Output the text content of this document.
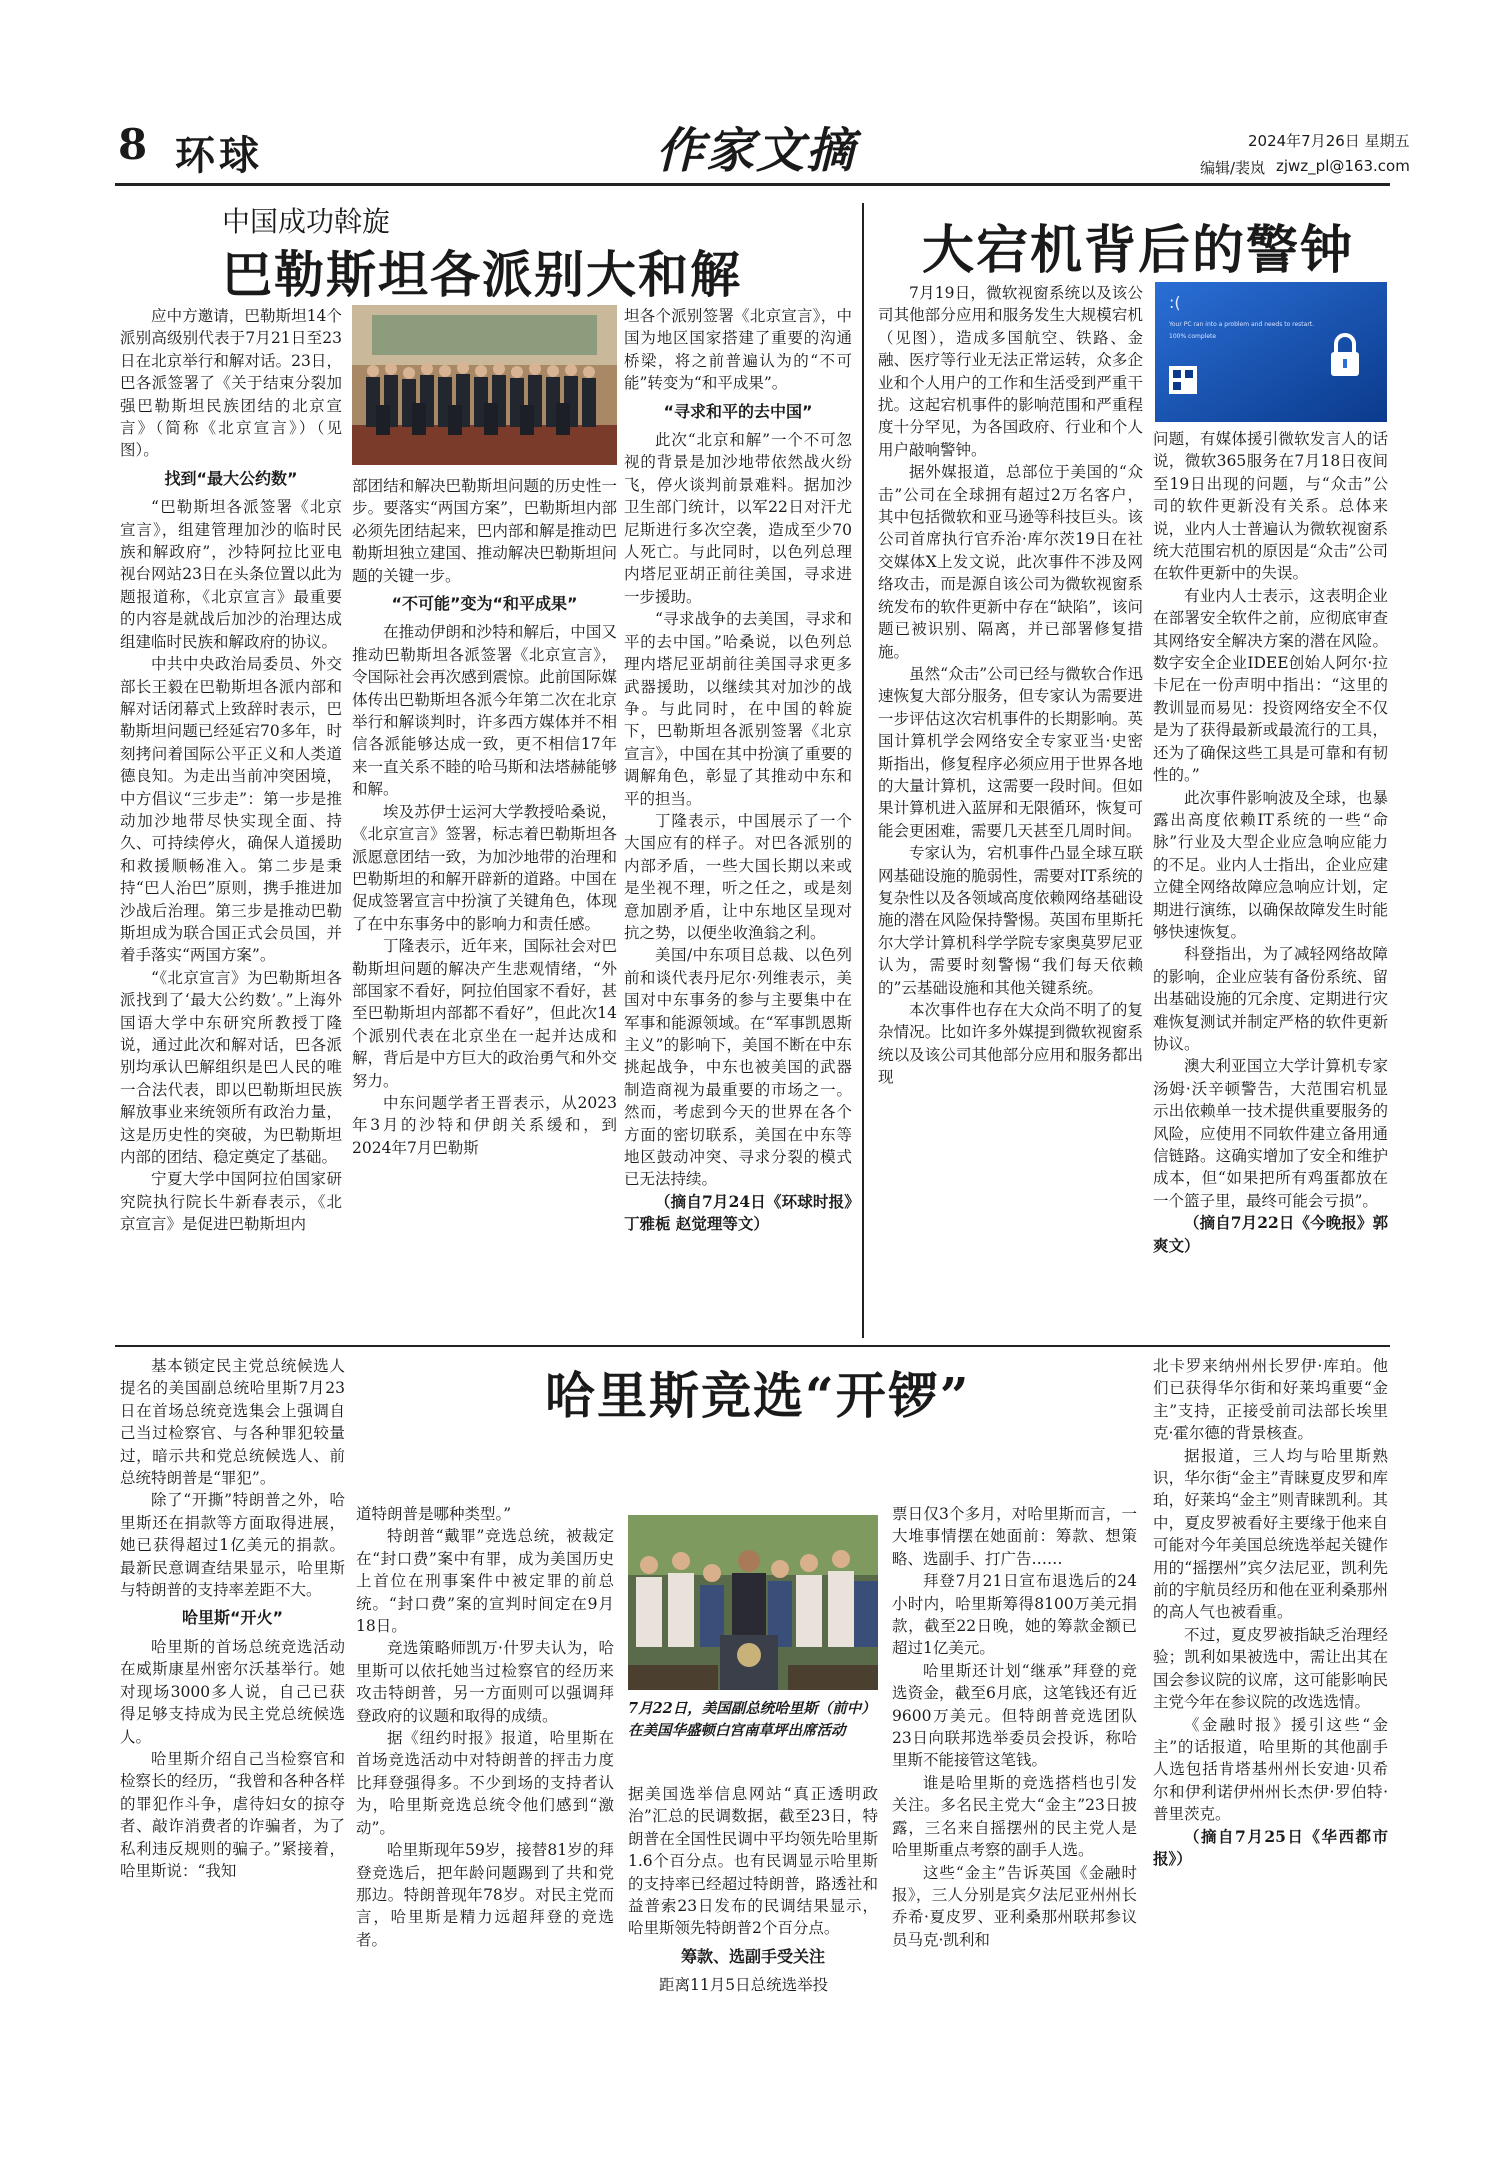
8 环球	作家文摘	2024年7月26日 星期五
编辑/裴岚 zjwz_pl@163.com
中国成功斡旋
巴勒斯坦各派别大和解

应中方邀请，巴勒斯坦14个派别高级别代表于7月21日至23日在北京举行和解对话。23日，巴各派签署了《关于结束分裂加强巴勒斯坦民族团结的北京宣言》（简称《北京宣言》）（见图）。

找到“最大公约数”

“巴勒斯坦各派签署《北京宣言》，组建管理加沙的临时民族和解政府”，沙特阿拉比亚电视台网站23日在头条位置以此为题报道称，《北京宣言》最重要的内容是就战后加沙的治理达成组建临时民族和解政府的协议。

中共中央政治局委员、外交部长王毅在巴勒斯坦各派内部和解对话闭幕式上致辞时表示，巴勒斯坦问题已经延宕70多年，时刻拷问着国际公平正义和人类道德良知。为走出当前冲突困境，中方倡议“三步走”：第一步是推动加沙地带尽快实现全面、持久、可持续停火，确保人道援助和救援顺畅准入。第二步是秉持“巴人治巴”原则，携手推进加沙战后治理。第三步是推动巴勒斯坦成为联合国正式会员国，并着手落实“两国方案”。

“《北京宣言》为巴勒斯坦各派找到了‘最大公约数’。”上海外国语大学中东研究所教授丁隆说，通过此次和解对话，巴各派别均承认巴解组织是巴人民的唯一合法代表，即以巴勒斯坦民族解放事业来统领所有政治力量，这是历史性的突破，为巴勒斯坦内部的团结、稳定奠定了基础。

宁夏大学中国阿拉伯国家研究院执行院长牛新春表示，《北京宣言》是促进巴勒斯坦内

部团结和解决巴勒斯坦问题的历史性一步。要落实“两国方案”，巴勒斯坦内部必须先团结起来，巴内部和解是推动巴勒斯坦独立建国、推动解决巴勒斯坦问题的关键一步。

“不可能”变为“和平成果”

在推动伊朗和沙特和解后，中国又推动巴勒斯坦各派签署《北京宣言》，令国际社会再次感到震惊。此前国际媒体传出巴勒斯坦各派今年第二次在北京举行和解谈判时，许多西方媒体并不相信各派能够达成一致，更不相信17年来一直关系不睦的哈马斯和法塔赫能够和解。

埃及苏伊士运河大学教授哈桑说，《北京宣言》签署，标志着巴勒斯坦各派愿意团结一致，为加沙地带的治理和巴勒斯坦的和解开辟新的道路。中国在促成签署宣言中扮演了关键角色，体现了在中东事务中的影响力和责任感。

丁隆表示，近年来，国际社会对巴勒斯坦问题的解决产生悲观情绪，“外部国家不看好，阿拉伯国家不看好，甚至巴勒斯坦内部都不看好”，但此次14个派别代表在北京坐在一起并达成和解，背后是中方巨大的政治勇气和外交努力。

中东问题学者王晋表示，从2023年3月的沙特和伊朗关系缓和，到2024年7月巴勒斯

坦各个派别签署《北京宣言》，中国为地区国家搭建了重要的沟通桥梁，将之前普遍认为的“不可能”转变为“和平成果”。

“寻求和平的去中国”

此次“北京和解”一个不可忽视的背景是加沙地带依然战火纷飞，停火谈判前景难料。据加沙卫生部门统计，以军22日对汗尤尼斯进行多次空袭，造成至少70人死亡。与此同时，以色列总理内塔尼亚胡正前往美国，寻求进一步援助。

“寻求战争的去美国，寻求和平的去中国。”哈桑说，以色列总理内塔尼亚胡前往美国寻求更多武器援助，以继续其对加沙的战争。与此同时，在中国的斡旋下，巴勒斯坦各派别签署《北京宣言》，中国在其中扮演了重要的调解角色，彰显了其推动中东和平的担当。

丁隆表示，中国展示了一个大国应有的样子。对巴各派别的内部矛盾，一些大国长期以来或是坐视不理，听之任之，或是刻意加剧矛盾，让中东地区呈现对抗之势，以便坐收渔翁之利。

美国/中东项目总裁、以色列前和谈代表丹尼尔·列维表示，美国对中东事务的参与主要集中在军事和能源领域。在“军事凯恩斯主义”的影响下，美国不断在中东挑起战争，中东也被美国的武器制造商视为最重要的市场之一。然而，考虑到今天的世界在各个方面的密切联系，美国在中东等地区鼓动冲突、寻求分裂的模式已无法持续。

（摘自7月24日《环球时报》丁雅栀 赵觉理等文）

大宕机背后的警钟
:(
Your PC ran into a problem and needs to restart.
100% complete

7月19日，微软视窗系统以及该公司其他部分应用和服务发生大规模宕机（见图），造成多国航空、铁路、金融、医疗等行业无法正常运转，众多企业和个人用户的工作和生活受到严重干扰。这起宕机事件的影响范围和严重程度十分罕见，为各国政府、行业和个人用户敲响警钟。

据外媒报道，总部位于美国的“众击”公司在全球拥有超过2万名客户，其中包括微软和亚马逊等科技巨头。该公司首席执行官乔治·库尔茨19日在社交媒体X上发文说，此次事件不涉及网络攻击，而是源自该公司为微软视窗系统发布的软件更新中存在“缺陷”，该问题已被识别、隔离，并已部署修复措施。

虽然“众击”公司已经与微软合作迅速恢复大部分服务，但专家认为需要进一步评估这次宕机事件的长期影响。英国计算机学会网络安全专家亚当·史密斯指出，修复程序必须应用于世界各地的大量计算机，这需要一段时间。但如果计算机进入蓝屏和无限循环，恢复可能会更困难，需要几天甚至几周时间。

专家认为，宕机事件凸显全球互联网基础设施的脆弱性，需要对IT系统的复杂性以及各领域高度依赖网络基础设施的潜在风险保持警惕。英国布里斯托尔大学计算机科学学院专家奥莫罗尼亚认为，需要时刻警惕“我们每天依赖的”云基础设施和其他关键系统。

本次事件也存在大众尚不明了的复杂情况。比如许多外媒提到微软视窗系统以及该公司其他部分应用和服务都出现

问题，有媒体援引微软发言人的话说，微软365服务在7月18日夜间至19日出现的问题，与“众击”公司的软件更新没有关系。总体来说，业内人士普遍认为微软视窗系统大范围宕机的原因是“众击”公司在软件更新中的失误。

有业内人士表示，这表明企业在部署安全软件之前，应彻底审查其网络安全解决方案的潜在风险。数字安全企业IDEE创始人阿尔·拉卡尼在一份声明中指出：“这里的教训显而易见：投资网络安全不仅是为了获得最新或最流行的工具，还为了确保这些工具是可靠和有韧性的。”

此次事件影响波及全球，也暴露出高度依赖IT系统的一些“命脉”行业及大型企业应急响应能力的不足。业内人士指出，企业应建立健全网络故障应急响应计划，定期进行演练，以确保故障发生时能够快速恢复。

科登指出，为了减轻网络故障的影响，企业应装有备份系统、留出基础设施的冗余度、定期进行灾难恢复测试并制定严格的软件更新协议。

澳大利亚国立大学计算机专家汤姆·沃辛顿警告，大范围宕机显示出依赖单一技术提供重要服务的风险，应使用不同软件建立备用通信链路。这确实增加了安全和维护成本，但“如果把所有鸡蛋都放在一个篮子里，最终可能会亏损”。

（摘自7月22日《今晚报》郭爽文）

哈里斯竞选“开锣”
7月22日，美国副总统哈里斯（前中）在美国华盛顿白宫南草坪出席活动

基本锁定民主党总统候选人提名的美国副总统哈里斯7月23日在首场总统竞选集会上强调自己当过检察官、与各种罪犯较量过，暗示共和党总统候选人、前总统特朗普是“罪犯”。

除了“开撕”特朗普之外，哈里斯还在捐款等方面取得进展，她已获得超过1亿美元的捐款。最新民意调查结果显示，哈里斯与特朗普的支持率差距不大。

哈里斯“开火”

哈里斯的首场总统竞选活动在威斯康星州密尔沃基举行。她对现场3000多人说，自己已获得足够支持成为民主党总统候选人。

哈里斯介绍自己当检察官和检察长的经历，“我曾和各种各样的罪犯作斗争，虐待妇女的掠夺者、敲诈消费者的诈骗者，为了私利违反规则的骗子。”紧接着，哈里斯说：“我知

道特朗普是哪种类型。”

特朗普“戴罪”竞选总统，被裁定在“封口费”案中有罪，成为美国历史上首位在刑事案件中被定罪的前总统。“封口费”案的宣判时间定在9月18日。

竞选策略师凯万·什罗夫认为，哈里斯可以依托她当过检察官的经历来攻击特朗普，另一方面则可以强调拜登政府的议题和取得的成绩。

据《纽约时报》报道，哈里斯在首场竞选活动中对特朗普的抨击力度比拜登强得多。不少到场的支持者认为，哈里斯竞选总统令他们感到“激动”。

哈里斯现年59岁，接替81岁的拜登竞选后，把年龄问题踢到了共和党那边。特朗普现年78岁。对民主党而言，哈里斯是精力远超拜登的竞选者。

据美国选举信息网站“真正透明政治”汇总的民调数据，截至23日，特朗普在全国性民调中平均领先哈里斯1.6个百分点。也有民调显示哈里斯的支持率已经超过特朗普，路透社和益普索23日发布的民调结果显示，哈里斯领先特朗普2个百分点。

筹款、选副手受关注

距离11月5日总统选举投

票日仅3个多月，对哈里斯而言，一大堆事情摆在她面前：筹款、想策略、选副手、打广告……

拜登7月21日宣布退选后的24小时内，哈里斯筹得8100万美元捐款，截至22日晚，她的筹款金额已超过1亿美元。

哈里斯还计划“继承”拜登的竞选资金，截至6月底，这笔钱还有近9600万美元。但特朗普竞选团队23日向联邦选举委员会投诉，称哈里斯不能接管这笔钱。

谁是哈里斯的竞选搭档也引发关注。多名民主党大“金主”23日披露，三名来自摇摆州的民主党人是哈里斯重点考察的副手人选。

这些“金主”告诉英国《金融时报》，三人分别是宾夕法尼亚州州长乔希·夏皮罗、亚利桑那州联邦参议员马克·凯利和

北卡罗来纳州州长罗伊·库珀。他们已获得华尔街和好莱坞重要“金主”支持，正接受前司法部长埃里克·霍尔德的背景核查。

据报道，三人均与哈里斯熟识，华尔街“金主”青睐夏皮罗和库珀，好莱坞“金主”则青睐凯利。其中，夏皮罗被看好主要缘于他来自可能对今年美国总统选举起关键作用的“摇摆州”宾夕法尼亚，凯利先前的宇航员经历和他在亚利桑那州的高人气也被看重。

不过，夏皮罗被指缺乏治理经验；凯利如果被选中，需让出其在国会参议院的议席，这可能影响民主党今年在参议院的改选选情。

《金融时报》援引这些“金主”的话报道，哈里斯的其他副手人选包括肯塔基州州长安迪·贝希尔和伊利诺伊州州长杰伊·罗伯特·普里茨克。

（摘自7月25日《华西都市报》）
